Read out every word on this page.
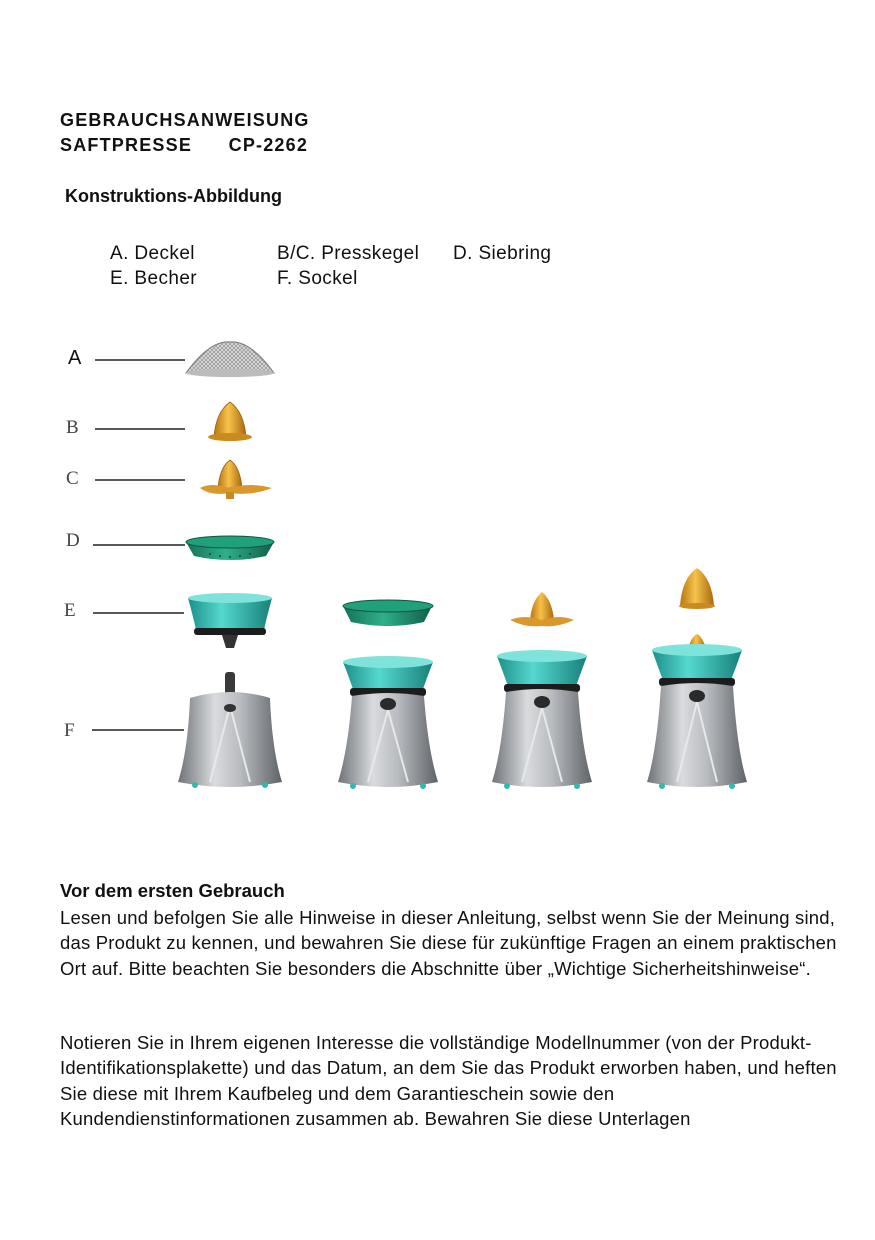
GEBRAUCHSANWEISUNG
SAFTPRESSE   CP-2262
Konstruktions-Abbildung
A. Deckel
E. Becher
B/C. Presskegel
F. Sockel
D. Siebring
A
B
C
D
E
F
Vor dem ersten Gebrauch
Lesen und befolgen Sie alle Hinweise in dieser Anleitung, selbst wenn Sie der Meinung sind, das Produkt zu kennen, und bewahren Sie diese für zukünftige Fragen an einem praktischen Ort auf. Bitte beachten Sie besonders die Abschnitte über „Wichtige Sicherheitshinweise“.
Notieren Sie in Ihrem eigenen Interesse die vollständige Modellnummer (von der Produkt-Identifikationsplakette) und das Datum, an dem Sie das Produkt erworben haben, und heften Sie diese mit Ihrem Kaufbeleg und dem Garantieschein sowie den Kundendienstinformationen zusammen ab. Bewahren Sie diese Unterlagen
